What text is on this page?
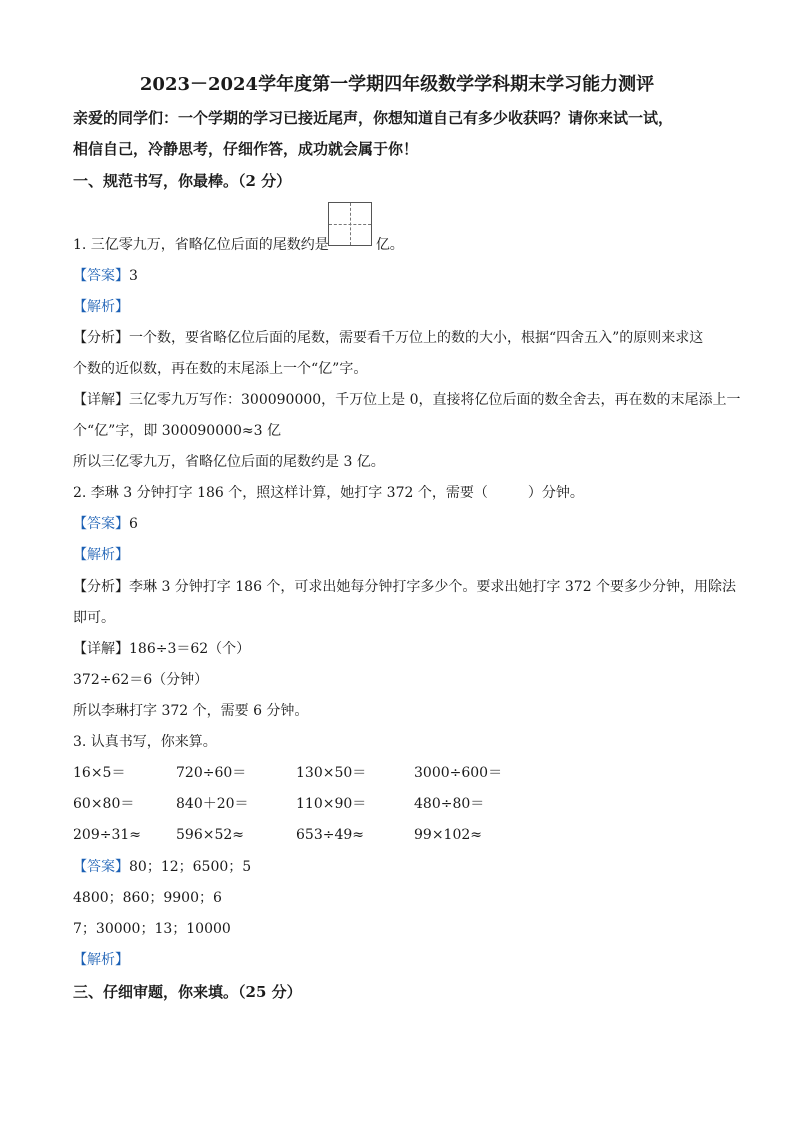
2023－2024学年度第一学期四年级数学学科期末学习能力测评
亲爱的同学们：一个学期的学习已接近尾声，你想知道自己有多少收获吗？请你来试一试，
相信自己，冷静思考，仔细作答，成功就会属于你！
一、规范书写，你最棒。（2 分）
1. 三亿零九万，省略亿位后面的尾数约是	亿。
【答案】3
【解析】
【分析】一个数，要省略亿位后面的尾数，需要看千万位上的数的大小，根据“四舍五入”的原则来求这
个数的近似数，再在数的末尾添上一个“亿”字。
【详解】三亿零九万写作：300090000，千万位上是 0，直接将亿位后面的数全舍去，再在数的末尾添上一
个“亿”字，即 300090000≈3 亿
所以三亿零九万，省略亿位后面的尾数约是 3 亿。
2. 李琳 3 分钟打字 186 个，照这样计算，她打字 372 个，需要（	）分钟。
【答案】6
【解析】
【分析】李琳 3 分钟打字 186 个，可求出她每分钟打字多少个。要求出她打字 372 个要多少分钟，用除法
即可。
【详解】186÷3＝62（个）
372÷62＝6（分钟）
所以李琳打字 372 个，需要 6 分钟。
3. 认真书写，你来算。
16×5＝	720÷60＝	130×50＝	3000÷600＝
60×80＝	840＋20＝	110×90＝	480÷80＝
209÷31≈	596×52≈	653÷49≈	99×102≈
【答案】80；12；6500；5
4800；860；9900；6
7；30000；13；10000
【解析】
三、仔细审题，你来填。（25 分）
